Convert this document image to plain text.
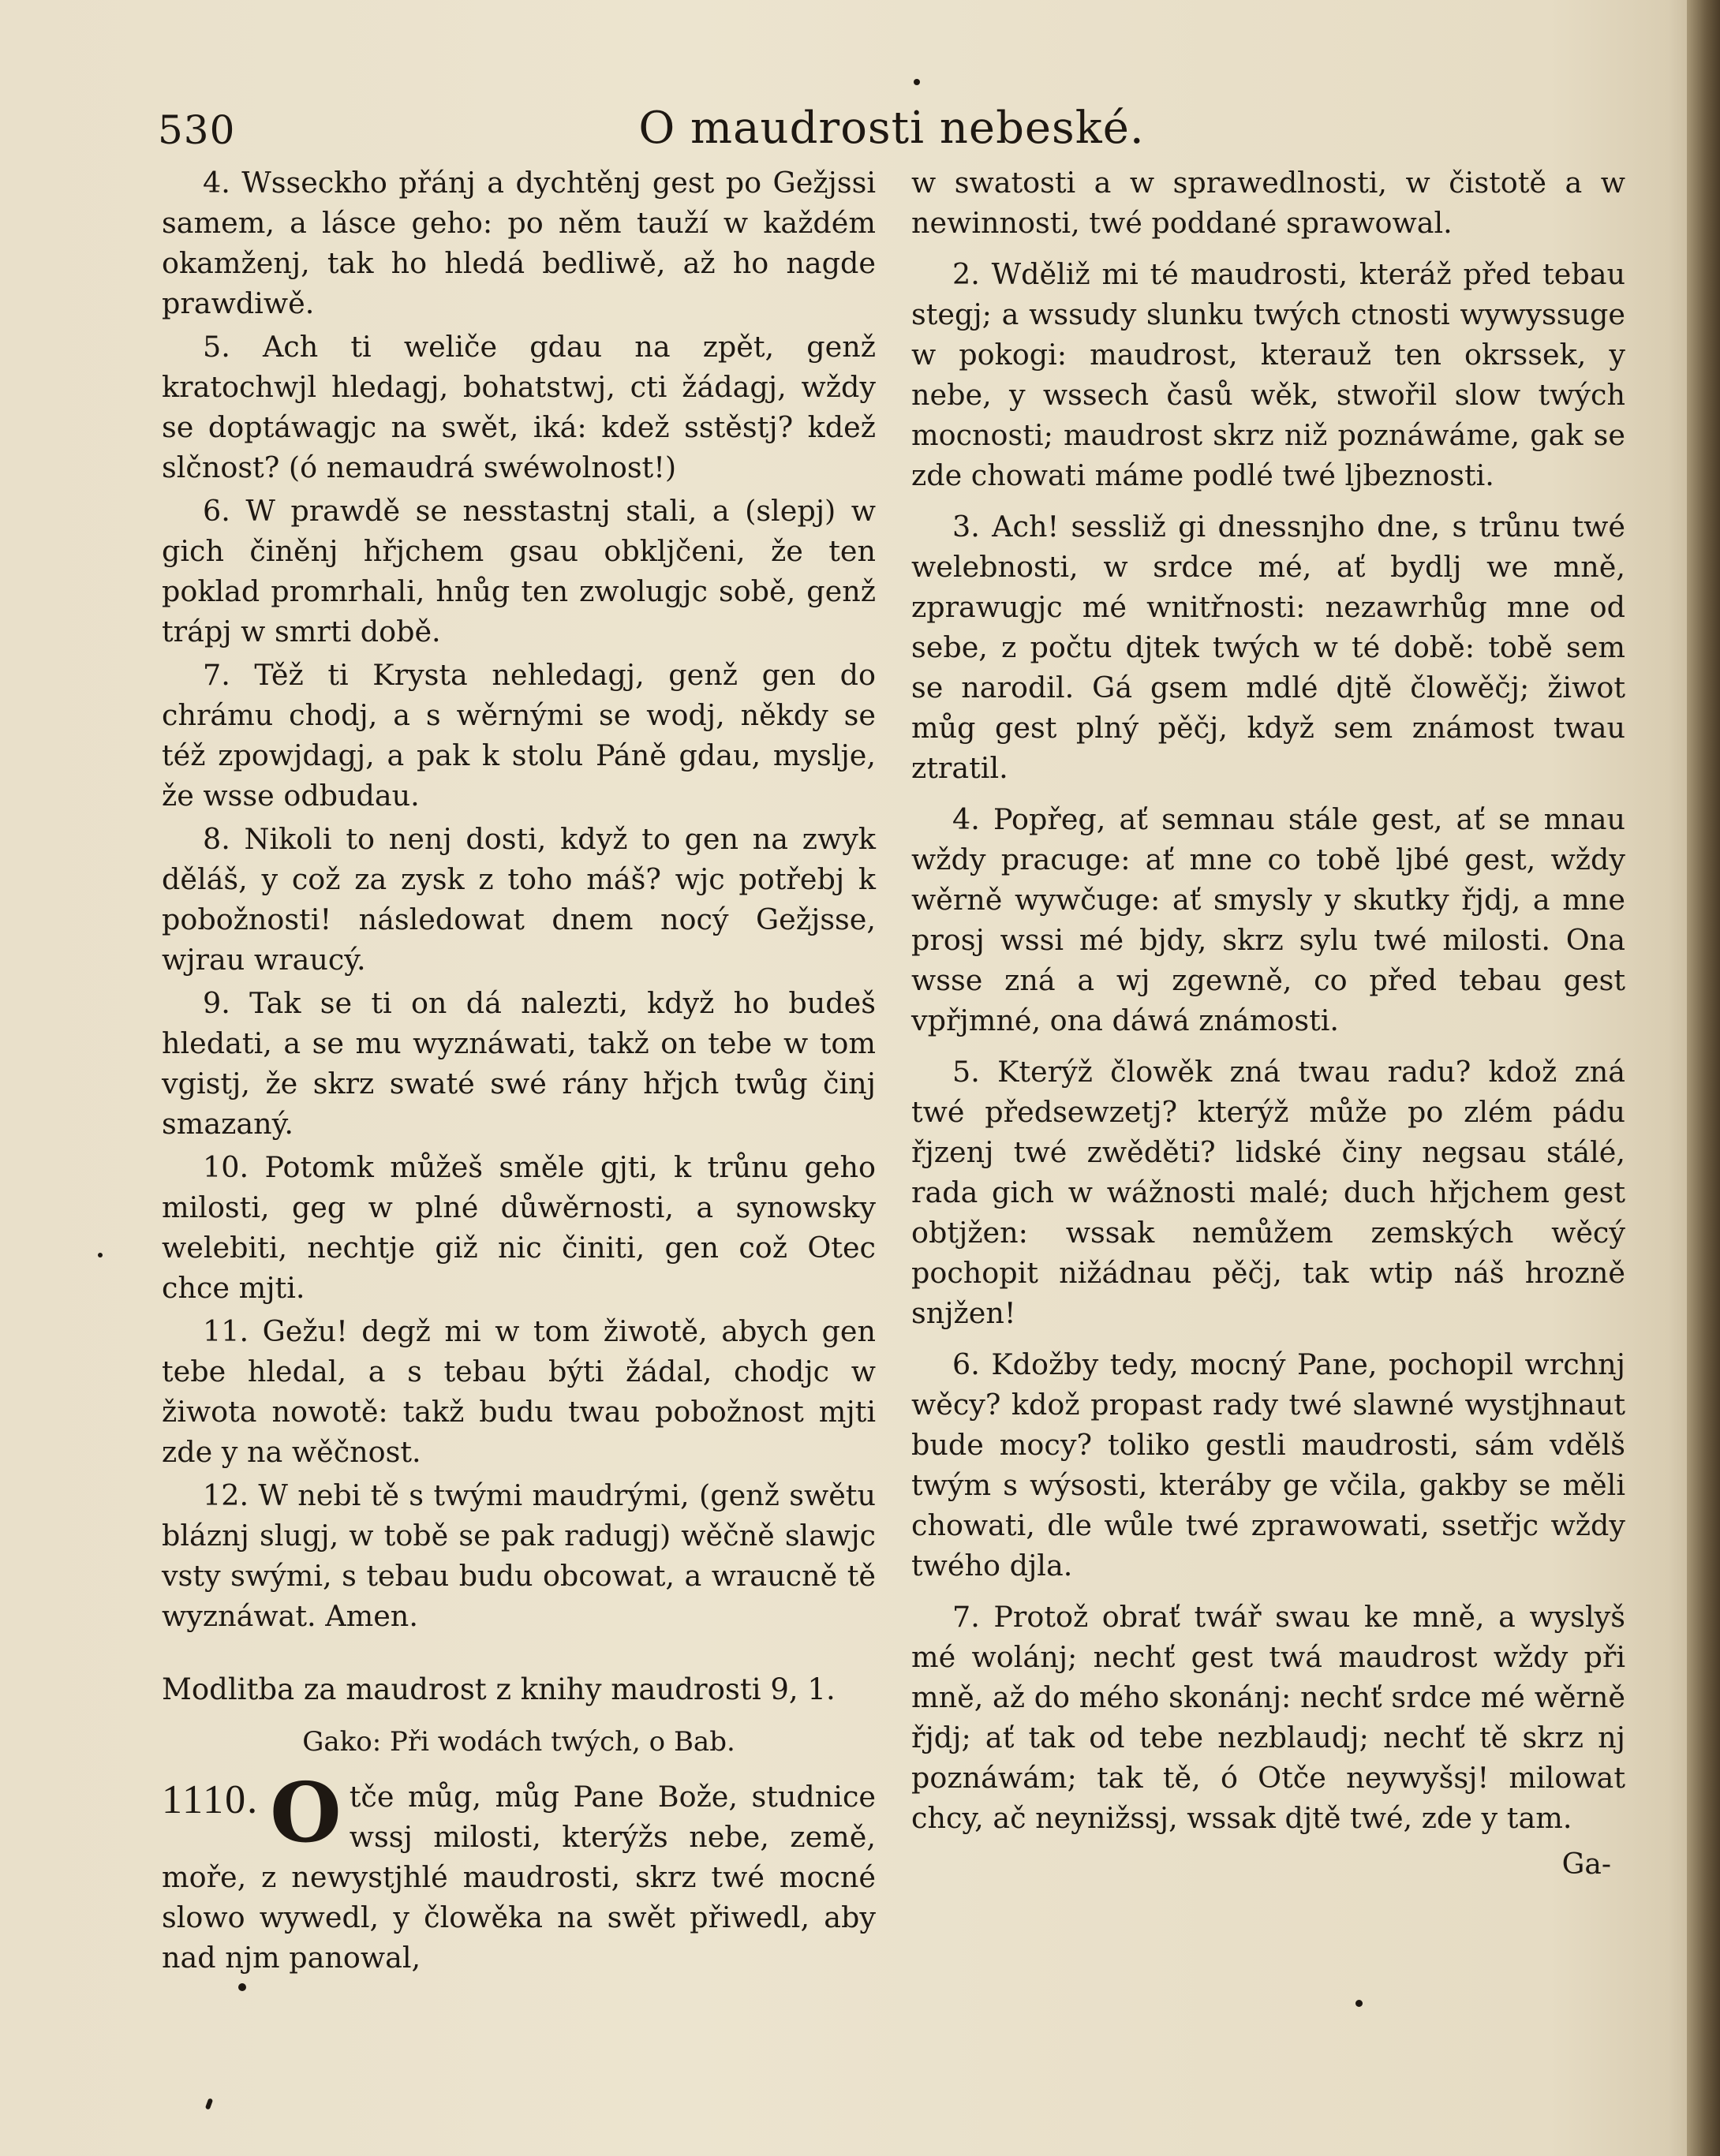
530	O maudrosti nebeské.

4. Wsseckho přánj a dychtěnj gest po Gežjssi samem, a lásce geho: po něm tauží w každém okamženj, tak ho hledá bedliwě, až ho nagde prawdiwě.

5. Ach ti weliče gdau na zpět, genž kratochwjl hledagj, bohatstwj, cti žádagj, wždy se doptáwagjc na swět, iká: kdež sstěstj? kdež slčnost? (ó nemaudrá swéwolnost!)

6. W prawdě se nesstastnj stali, a (slepj) w gich činěnj hřjchem gsau obkljčeni, že ten poklad promrhali, hnůg ten zwolugjc sobě, genž trápj w smrti době.

7. Těž ti Krysta nehledagj, genž gen do chrámu chodj, a s wěrnými se wodj, někdy se též zpowjdagj, a pak k stolu Páně gdau, myslje, že wsse odbudau.

8. Nikoli to nenj dosti, když to gen na zwyk děláš, y což za zysk z toho máš? wjc potřebj k pobožnosti! následowat dnem nocý Gežjsse, wjrau wraucý.

9. Tak se ti on dá nalezti, když ho budeš hledati, a se mu wyznáwati, takž on tebe w tom vgistj, že skrz swaté swé rány hřjch twůg činj smazaný.

10. Potomk můžeš směle gjti, k trůnu geho milosti, geg w plné důwěrnosti, a synowsky welebiti, nechtje giž nic činiti, gen což Otec chce mjti.

11. Gežu! degž mi w tom žiwotě, abych gen tebe hledal, a s tebau býti žádal, chodjc w žiwota nowotě: takž budu twau pobožnost mjti zde y na wěčnost.

12. W nebi tě s twými maudrými, (genž swětu bláznj slugj, w tobě se pak radugj) wěčně slawjc vsty swými, s tebau budu obcowat, a wraucně tě wyznáwat. Amen.

Modlitba za maudrost z knihy maudrosti 9, 1.

Gako: Při wodách twých, o Bab.

1110. O tče můg, můg Pane Bože, studnice wssj milosti, kterýžs nebe, země, moře, z newystjhlé maudrosti, skrz twé mocné slowo wywedl, y člowěka na swět přiwedl, aby nad njm panowal,

w swatosti a w sprawedlnosti, w čistotě a w newinnosti, twé poddané sprawowal.

2. Wděliž mi té maudrosti, kteráž před tebau stegj; a wssudy slunku twých ctnosti wywyssuge w pokogi: maudrost, kterauž ten okrssek, y nebe, y wssech časů wěk, stwořil slow twých mocnosti; maudrost skrz niž poznáwáme, gak se zde chowati máme podlé twé ljbeznosti.

3. Ach! sessliž gi dnessnjho dne, s trůnu twé welebnosti, w srdce mé, ať bydlj we mně, zprawugjc mé wnitřnosti: nezawrhůg mne od sebe, z počtu djtek twých w té době: tobě sem se narodil. Gá gsem mdlé djtě člowěčj; žiwot můg gest plný pěčj, když sem známost twau ztratil.

4. Popřeg, ať semnau stále gest, ať se mnau wždy pracuge: ať mne co tobě ljbé gest, wždy wěrně wywčuge: ať smysly y skutky řjdj, a mne prosj wssi mé bjdy, skrz sylu twé milosti. Ona wsse zná a wj zgewně, co před tebau gest vpřjmné, ona dáwá známosti.

5. Kterýž člowěk zná twau radu? kdož zná twé předsewzetj? kterýž může po zlém pádu řjzenj twé zwěděti? lidské činy negsau stálé, rada gich w wážnosti malé; duch hřjchem gest obtjžen: wssak nemůžem zemských wěcý pochopit nižádnau pěčj, tak wtip náš hrozně snjžen!

6. Kdožby tedy, mocný Pane, pochopil wrchnj wěcy? kdož propast rady twé slawné wystjhnaut bude mocy? toliko gestli maudrosti, sám vdělš twým s wýsosti, kteráby ge včila, gakby se měli chowati, dle wůle twé zprawowati, ssetřjc wždy twého djla.

7. Protož obrať twář swau ke mně, a wyslyš mé wolánj; nechť gest twá maudrost wždy při mně, až do mého skonánj: nechť srdce mé wěrně řjdj; ať tak od tebe nezblaudj; nechť tě skrz nj poznáwám; tak tě, ó Otče neywyšsj! milowat chcy, ač neynižssj, wssak djtě twé, zde y tam.

Ga-
